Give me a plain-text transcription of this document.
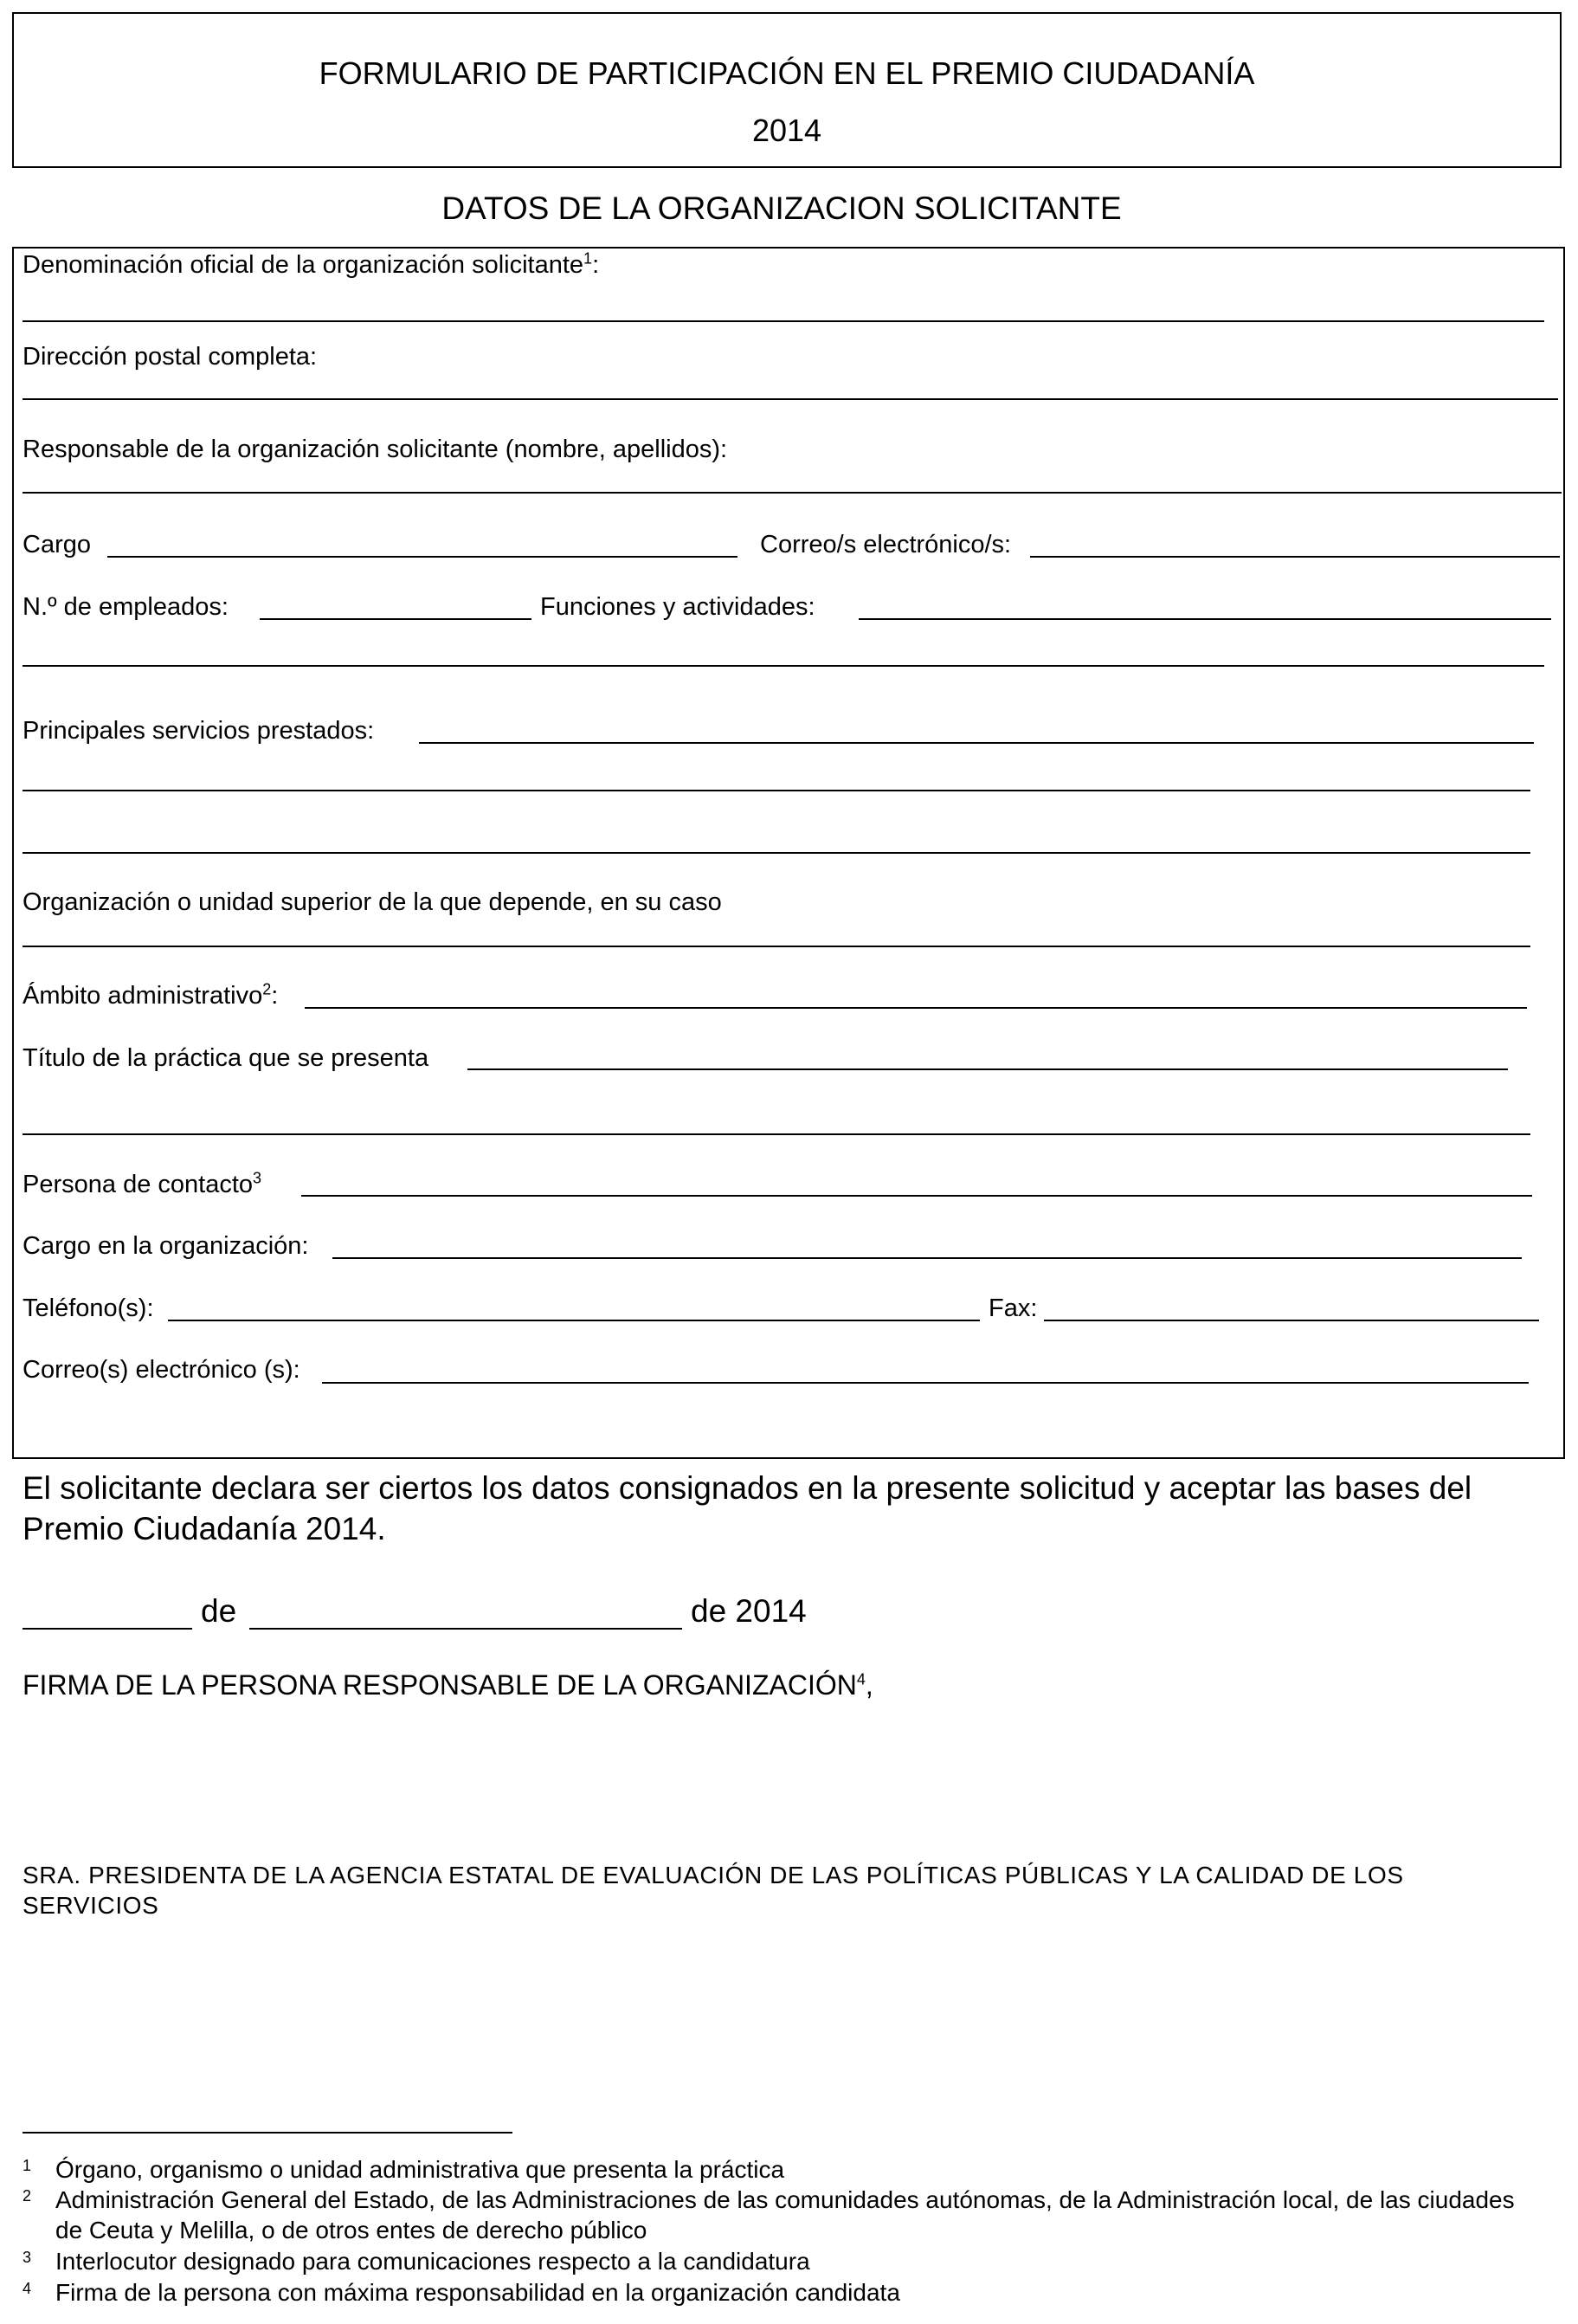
FORMULARIO DE PARTICIPACIÓN EN EL PREMIO CIUDADANÍA
2014
DATOS DE LA ORGANIZACION SOLICITANTE
Denominación oficial de la organización solicitante$^1$:
Dirección postal completa:
Responsable de la organización solicitante (nombre, apellidos):
Cargo	Correo/s electrónico/s:
N.º de empleados:	Funciones y actividades:
Principales servicios prestados:
Organización o unidad superior de la que depende, en su caso
Ámbito administrativo$^2$:
Título de la práctica que se presenta
Persona de contacto$^3$
Cargo en la organización:
Teléfono(s):	Fax:
Correo(s) electrónico (s):
El solicitante declara ser ciertos los datos consignados en la presente solicitud y aceptar las bases del Premio Ciudadanía 2014.
de	de 2014
FIRMA DE LA PERSONA RESPONSABLE DE LA ORGANIZACIÓN$^4$,
SRA. PRESIDENTA DE LA AGENCIA ESTATAL DE EVALUACIÓN DE LAS POLÍTICAS PÚBLICAS Y LA CALIDAD DE LOS SERVICIOS
1 Órgano, organismo o unidad administrativa que presenta la práctica
2 Administración General del Estado, de las Administraciones de las comunidades autónomas, de la Administración local, de las ciudades de Ceuta y Melilla, o de otros entes de derecho público
3 Interlocutor designado para comunicaciones respecto a la candidatura
4 Firma de la persona con máxima responsabilidad en la organización candidata
